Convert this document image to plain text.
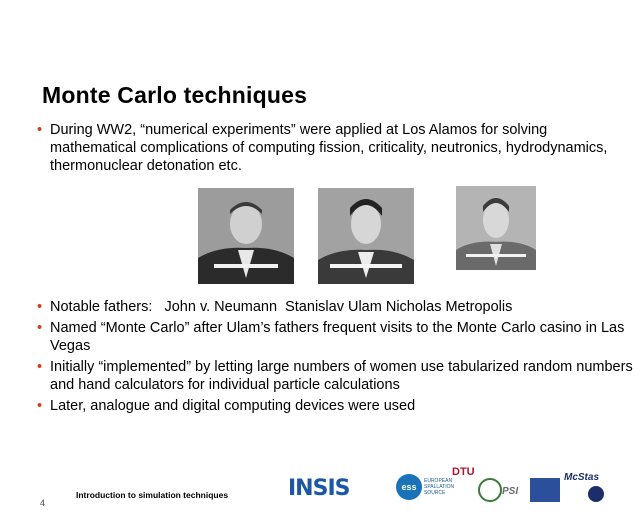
Monte Carlo techniques

• During WW2, “numerical experiments” were applied at Los Alamos for solving mathematical complications of computing fission, criticality, neutronics, hydrodynamics, thermonuclear detonation etc.

• Notable fathers: John v. Neumann Stanislav Ulam Nicholas Metropolis

• Named “Monte Carlo” after Ulam’s fathers frequent visits to the Monte Carlo casino in Las Vegas

• Initially “implemented” by letting large numbers of women use tabularized random numbers and hand calculators for individual particle calculations

• Later, analogue and digital computing devices were used

4
Introduction to simulation techniques	INSIS	ess
EUROPEAN SPALLATION SOURCE
DTU
PSI
McStas
